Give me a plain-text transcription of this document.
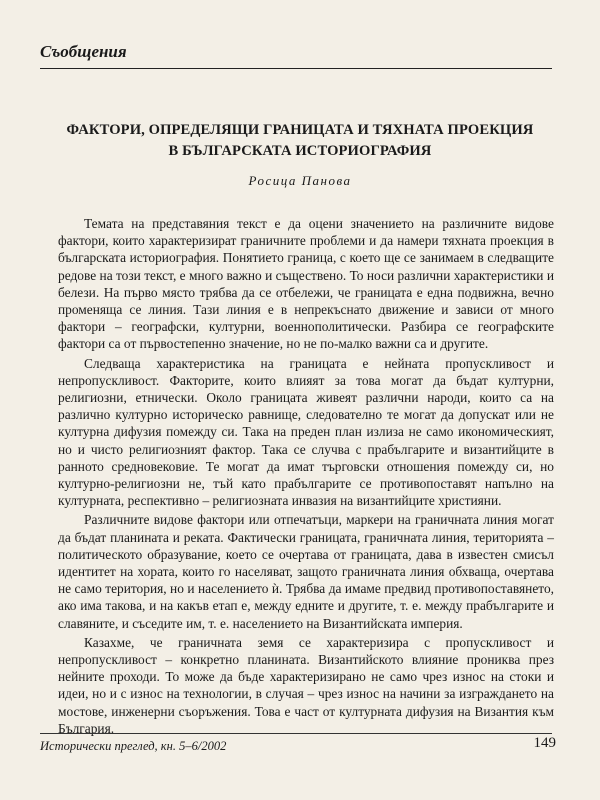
Съобщения
ФАКТОРИ, ОПРЕДЕЛЯЩИ ГРАНИЦАТА И ТЯХНАТА ПРОЕКЦИЯ
В БЪЛГАРСКАТА ИСТОРИОГРАФИЯ
Росица Панова

Темата на представяния текст е да оцени значението на различните видове фактори, които характеризират граничните проблеми и да намери тяхната проекция в българската историография. Понятието граница, с което ще се занимаем в следващите редове на този текст, е много важно и съществено. То носи различни характеристики и белези. На първо място трябва да се отбележи, че границата е една подвижна, вечно променяща се линия. Тази линия е в непрекъснато движение и зависи от много фактори – географски, културни, военнополитически. Разбира се географските фактори са от първостепенно значение, но не по-малко важни са и другите.

Следваща характеристика на границата е нейната пропускливост и непропускливост. Факторите, които влияят за това могат да бъдат културни, религиозни, етнически. Около границата живеят различни народи, които са на различно културно историческо равнище, следователно те могат да допускат или не културна дифузия помежду си. Така на преден план излиза не само икономическият, но и чисто религиозният фактор. Така се случва с прабългарите и византийците в ранното средновековие. Те могат да имат търговски отношения помежду си, но културно-религиозни не, тъй като прабългарите се противопоставят напълно на културната, респективно – религиозната инвазия на византийците християни.

Различните видове фактори или отпечатъци, маркери на граничната линия могат да бъдат планината и реката. Фактически границата, граничната линия, територията – политическото образувание, което се очертава от границата, дава в известен смисъл идентитет на хората, които го населяват, защото граничната линия обхваща, очертава не само територия, но и населението ѝ. Трябва да имаме предвид противопоставянето, ако има такова, и на какъв етап е, между едните и другите, т. е. между прабългарите и славяните, и съседите им, т. е. населението на Византийската империя.

Казахме, че граничната земя се характеризира с пропускливост и непропускливост – конкретно планината. Византийското влияние прониква през нейните проходи. То може да бъде характеризирано не само чрез износ на стоки и идеи, но и с износ на технологии, в случая – чрез износ на начини за изграждането на мостове, инженерни съоръжения. Това е част от културната дифузия на Византия към България.

Исторически преглед, кн. 5–6/2002	149
